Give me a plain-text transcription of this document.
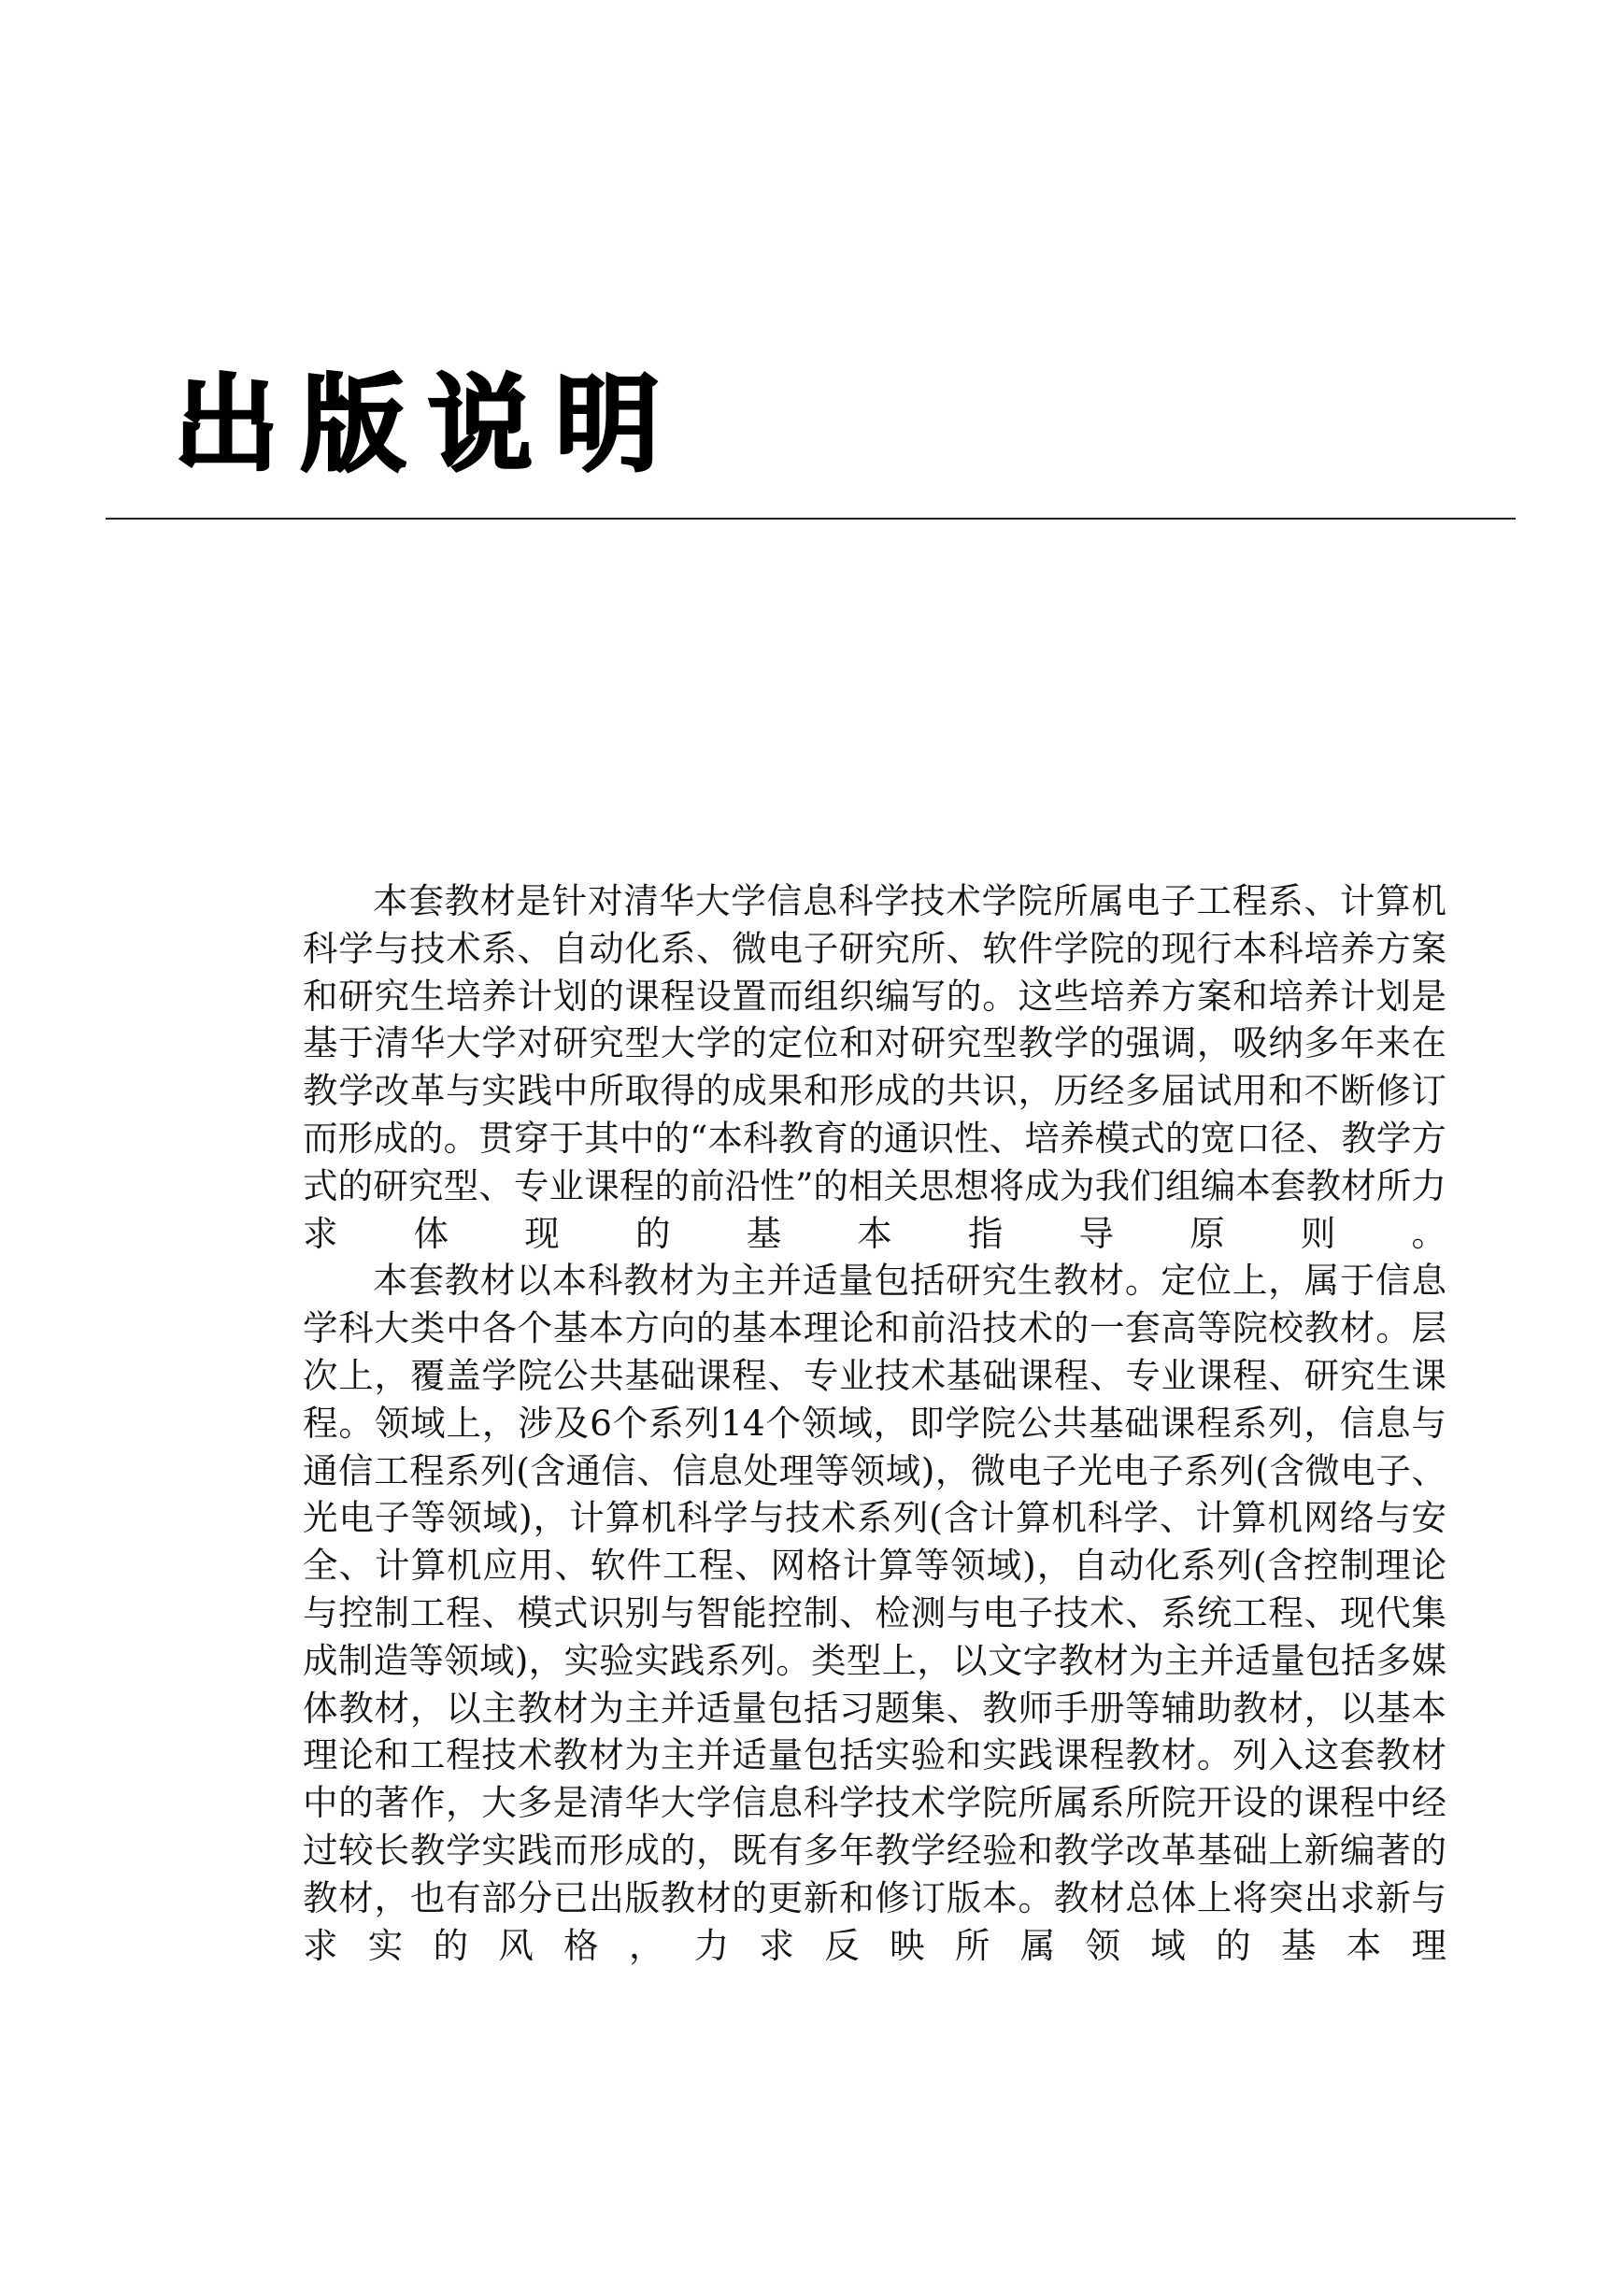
出版说明

本套教材是针对清华大学信息科学技术学院所属电子工程系、计算机科学与技术系、自动化系、微电子研究所、软件学院的现行本科培养方案和研究生培养计划的课程设置而组织编写的。这些培养方案和培养计划是基于清华大学对研究型大学的定位和对研究型教学的强调，吸纳多年来在教学改革与实践中所取得的成果和形成的共识，历经多届试用和不断修订而形成的。贯穿于其中的“本科教育的通识性、培养模式的宽口径、教学方式的研究型、专业课程的前沿性”的相关思想将成为我们组编本套教材所力求体现的基本指导原则。

本套教材以本科教材为主并适量包括研究生教材。定位上，属于信息学科大类中各个基本方向的基本理论和前沿技术的一套高等院校教材。层次上，覆盖学院公共基础课程、专业技术基础课程、专业课程、研究生课程。领域上，涉及6个系列14个领域，即学院公共基础课程系列，信息与通信工程系列(含通信、信息处理等领域)，微电子光电子系列(含微电子、光电子等领域)，计算机科学与技术系列(含计算机科学、计算机网络与安全、计算机应用、软件工程、网格计算等领域)，自动化系列(含控制理论与控制工程、模式识别与智能控制、检测与电子技术、系统工程、现代集成制造等领域)，实验实践系列。类型上，以文字教材为主并适量包括多媒体教材，以主教材为主并适量包括习题集、教师手册等辅助教材，以基本理论和工程技术教材为主并适量包括实验和实践课程教材。列入这套教材中的著作，大多是清华大学信息科学技术学院所属系所院开设的课程中经过较长教学实践而形成的，既有多年教学经验和教学改革基础上新编著的教材，也有部分已出版教材的更新和修订版本。教材总体上将突出求新与求实的风格，力求反映所属领域的基本理
